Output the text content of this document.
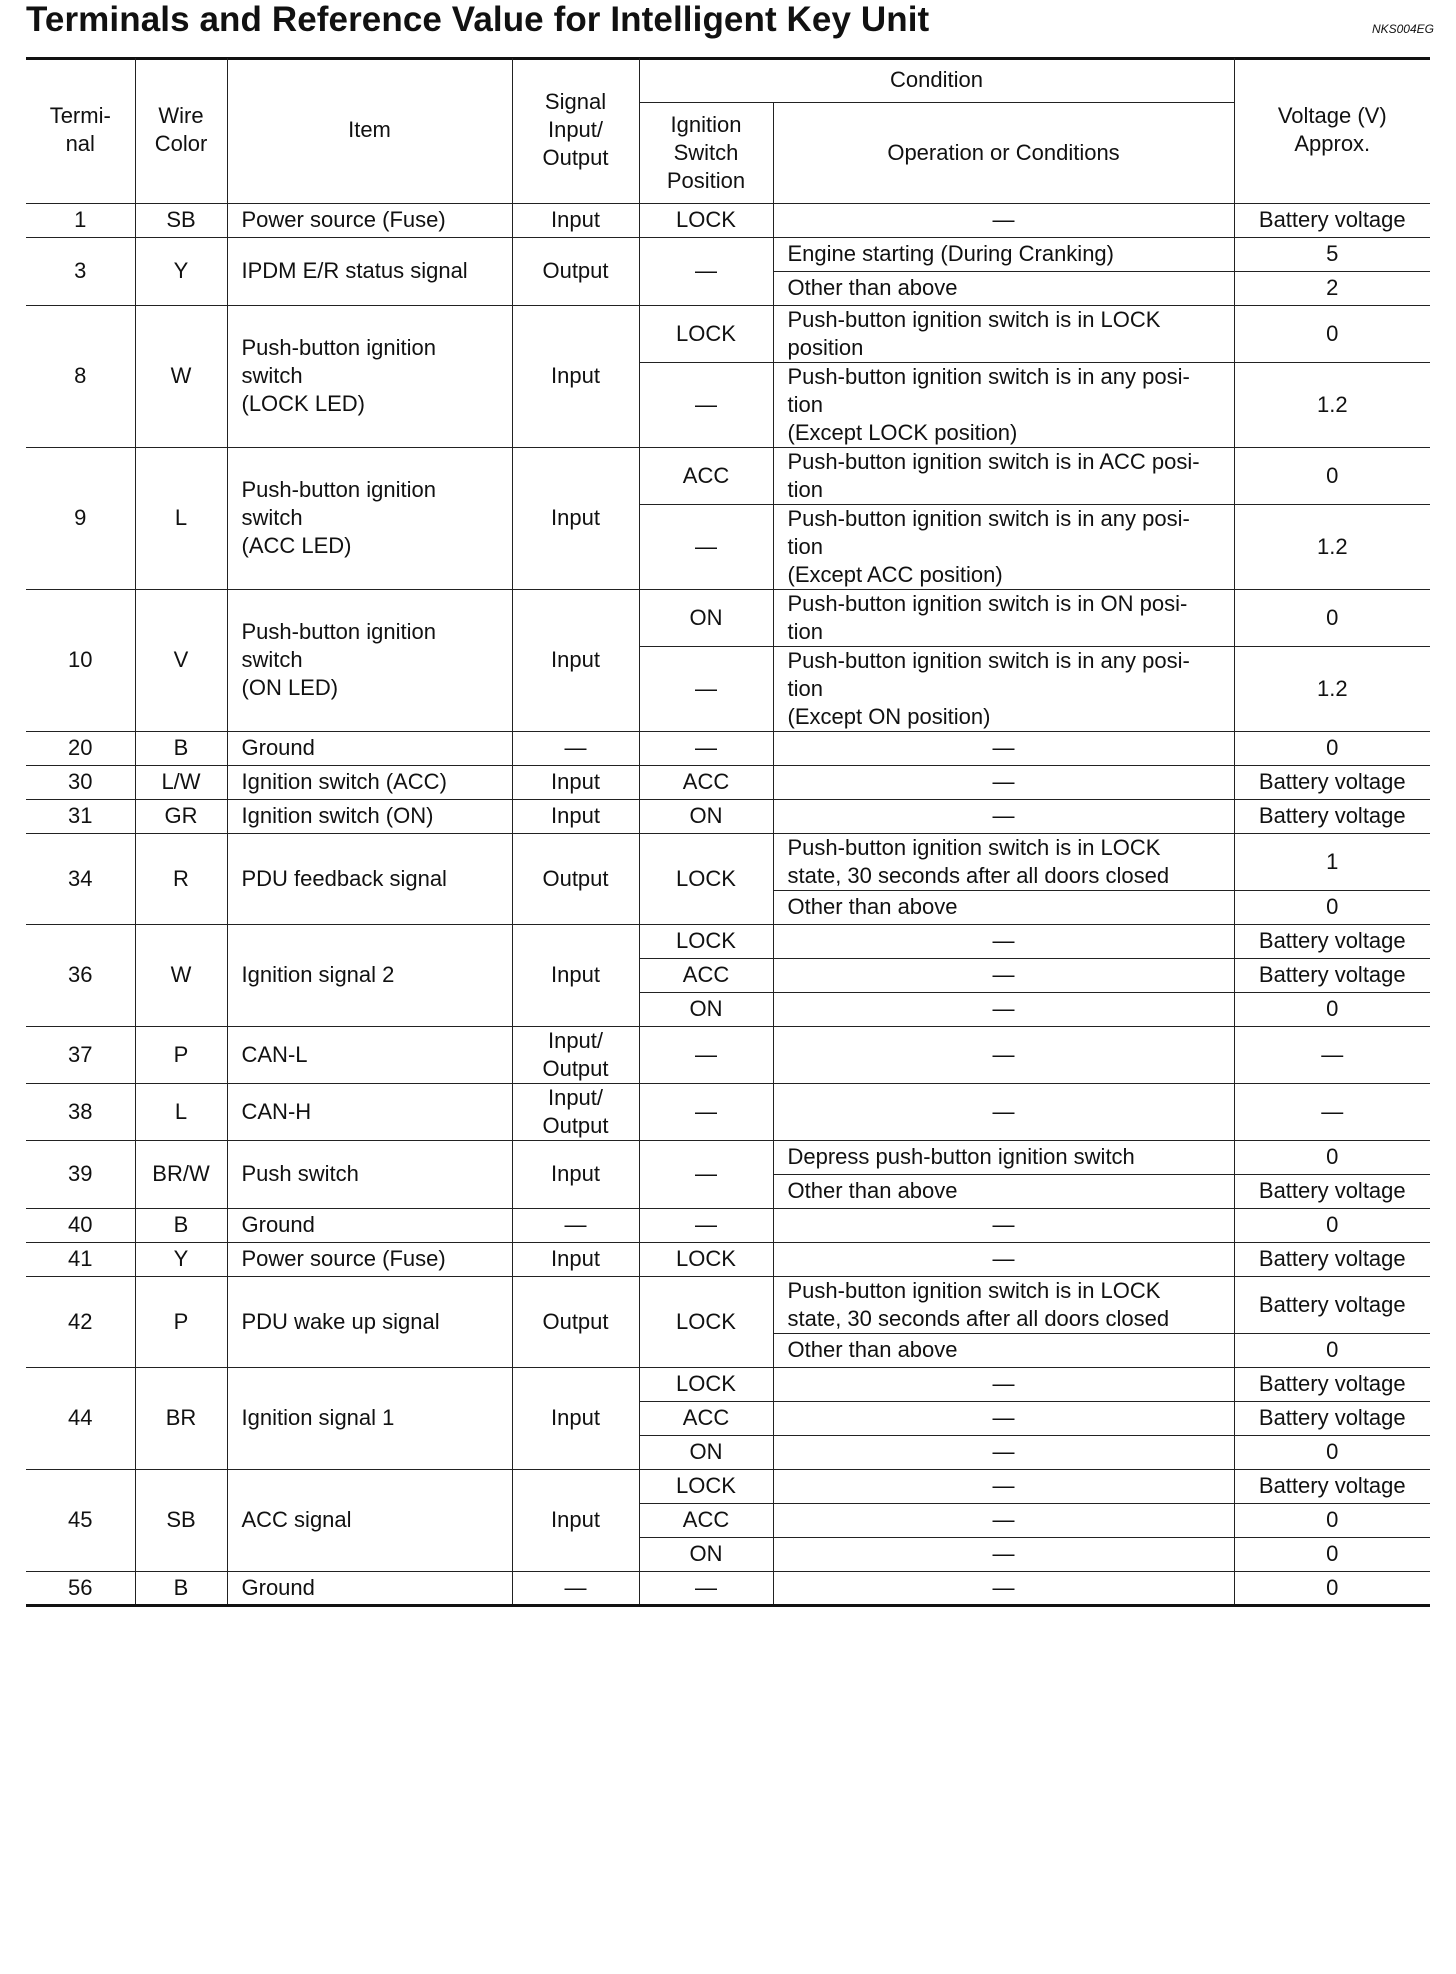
Terminals and Reference Value for Intelligent Key Unit	NKS004EG
Termi-
nal	Wire
Color	Item	Signal
Input/
Output	Condition		Voltage (V)
Approx.
				Ignition
Switch
Position	Operation or Conditions	
1	SB	Power source (Fuse)	Input	LOCK	—	Battery voltage
3	Y	IPDM E/R status signal	Output	—	Engine starting (During Cranking)	5
					Other than above	2
8	W	Push-button ignition
switch
(LOCK LED)	Input	LOCK	Push-button ignition switch is in LOCK
position	0
				—	Push-button ignition switch is in any posi-
tion
(Except LOCK position)	1.2
9	L	Push-button ignition
switch
(ACC LED)	Input	ACC	Push-button ignition switch is in ACC posi-
tion	0
				—	Push-button ignition switch is in any posi-
tion
(Except ACC position)	1.2
10	V	Push-button ignition
switch
(ON LED)	Input	ON	Push-button ignition switch is in ON posi-
tion	0
				—	Push-button ignition switch is in any posi-
tion
(Except ON position)	1.2
20	B	Ground	—	—	—	0
30	L/W	Ignition switch (ACC)	Input	ACC	—	Battery voltage
31	GR	Ignition switch (ON)	Input	ON	—	Battery voltage
34	R	PDU feedback signal	Output	LOCK	Push-button ignition switch is in LOCK
state, 30 seconds after all doors closed	1
					Other than above	0
36	W	Ignition signal 2	Input	LOCK	—	Battery voltage
				ACC	—	Battery voltage
				ON	—	0
37	P	CAN-L	Input/
Output	—	—	—
38	L	CAN-H	Input/
Output	—	—	—
39	BR/W	Push switch	Input	—	Depress push-button ignition switch	0
					Other than above	Battery voltage
40	B	Ground	—	—	—	0
41	Y	Power source (Fuse)	Input	LOCK	—	Battery voltage
42	P	PDU wake up signal	Output	LOCK	Push-button ignition switch is in LOCK
state, 30 seconds after all doors closed	Battery voltage
					Other than above	0
44	BR	Ignition signal 1	Input	LOCK	—	Battery voltage
				ACC	—	Battery voltage
				ON	—	0
45	SB	ACC signal	Input	LOCK	—	Battery voltage
				ACC	—	0
				ON	—	0
56	B	Ground	—	—	—	0
